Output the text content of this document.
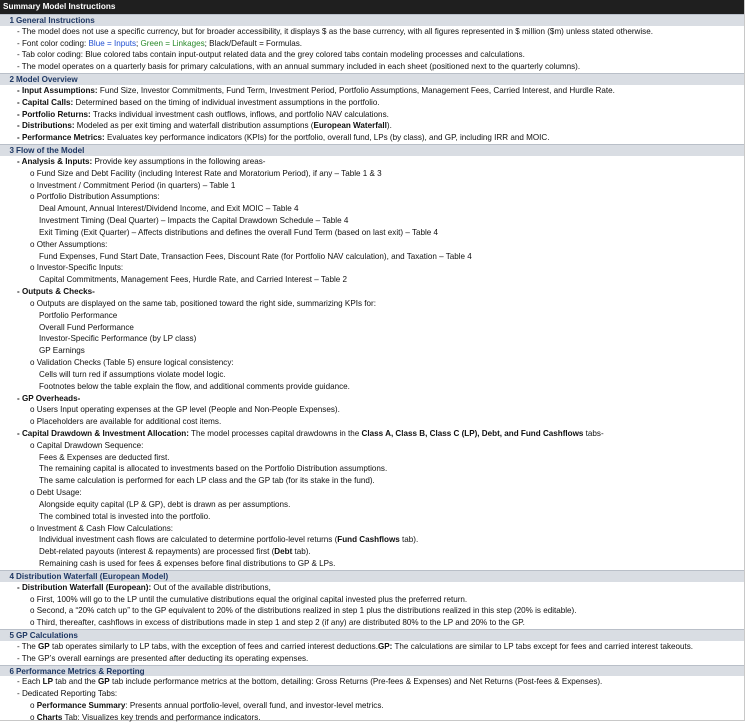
Summary Model Instructions
1 General Instructions
- The model does not use a specific currency, but for broader accessibility, it displays $ as the base currency, with all figures represented in $ million ($m) unless stated otherwise.
- Font color coding: Blue = Inputs; Green = Linkages; Black/Default = Formulas.
- Tab color coding: Blue colored tabs contain input-output related data and the grey colored tabs contain modeling processes and calculations.
- The model operates on a quarterly basis for primary calculations, with an annual summary included in each sheet (positioned next to the quarterly columns).
2 Model Overview
- Input Assumptions: Fund Size, Investor Commitments, Fund Term, Investment Period, Portfolio Assumptions, Management Fees, Carried Interest, and Hurdle Rate.
- Capital Calls: Determined based on the timing of individual investment assumptions in the portfolio.
- Portfolio Returns: Tracks individual investment cash outflows, inflows, and portfolio NAV calculations.
- Distributions: Modeled as per exit timing and waterfall distribution assumptions (European Waterfall).
- Performance Metrics: Evaluates key performance indicators (KPIs) for the portfolio, overall fund, LPs (by class), and GP, including IRR and MOIC.
3 Flow of the Model
- Analysis & Inputs: Provide key assumptions in the following areas-
o Fund Size and Debt Facility (including Interest Rate and Moratorium Period), if any – Table 1 & 3
o Investment / Commitment Period (in quarters) – Table 1
o Portfolio Distribution Assumptions:
Deal Amount, Annual Interest/Dividend Income, and Exit MOIC – Table 4
Investment Timing (Deal Quarter) – Impacts the Capital Drawdown Schedule – Table 4
Exit Timing (Exit Quarter) – Affects distributions and defines the overall Fund Term (based on last exit) – Table 4
o Other Assumptions:
Fund Expenses, Fund Start Date, Transaction Fees, Discount Rate (for Portfolio NAV calculation), and Taxation – Table 4
o Investor-Specific Inputs:
Capital Commitments, Management Fees, Hurdle Rate, and Carried Interest – Table 2
- Outputs & Checks-
o Outputs are displayed on the same tab, positioned toward the right side, summarizing KPIs for:
Portfolio Performance
Overall Fund Performance
Investor-Specific Performance (by LP class)
GP Earnings
o Validation Checks (Table 5) ensure logical consistency:
Cells will turn red if assumptions violate model logic.
Footnotes below the table explain the flow, and additional comments provide guidance.
- GP Overheads-
o Users Input operating expenses at the GP level (People and Non-People Expenses).
o Placeholders are available for additional cost items.
- Capital Drawdown & Investment Allocation: The model processes capital drawdowns in the Class A, Class B, Class C (LP), Debt, and Fund Cashflows tabs-
o Capital Drawdown Sequence:
Fees & Expenses are deducted first.
The remaining capital is allocated to investments based on the Portfolio Distribution assumptions.
The same calculation is performed for each LP class and the GP tab (for its stake in the fund).
o Debt Usage:
Alongside equity capital (LP & GP), debt is drawn as per assumptions.
The combined total is invested into the portfolio.
o Investment & Cash Flow Calculations:
Individual investment cash flows are calculated to determine portfolio-level returns (Fund Cashflows tab).
Debt-related payouts (interest & repayments) are processed first (Debt tab).
Remaining cash is used for fees & expenses before final distributions to GP & LPs.
4 Distribution Waterfall (European Model)
- Distribution Waterfall (European): Out of the available distributions,
o First, 100% will go to the LP until the cumulative distributions equal the original capital invested plus the preferred return.
o Second, a “20% catch up” to the GP equivalent to 20% of the distributions realized in step 1 plus the distributions realized in this step (20% is editable).
o Third, thereafter, cashflows in excess of distributions made in step 1 and step 2 (if any) are distributed 80% to the LP and 20% to the GP.
5 GP Calculations
- The GP tab operates similarly to LP tabs, with the exception of fees and carried interest deductions.GP: The calculations are similar to LP tabs except for fees and carried interest takeouts.
- The GP’s overall earnings are presented after deducting its operating expenses.
6 Performance Metrics & Reporting
- Each LP tab and the GP tab include performance metrics at the bottom, detailing: Gross Returns (Pre-fees & Expenses) and Net Returns (Post-fees & Expenses).
- Dedicated Reporting Tabs:
o Performance Summary: Presents annual portfolio-level, overall fund, and investor-level metrics.
o Charts Tab: Visualizes key trends and performance indicators.
